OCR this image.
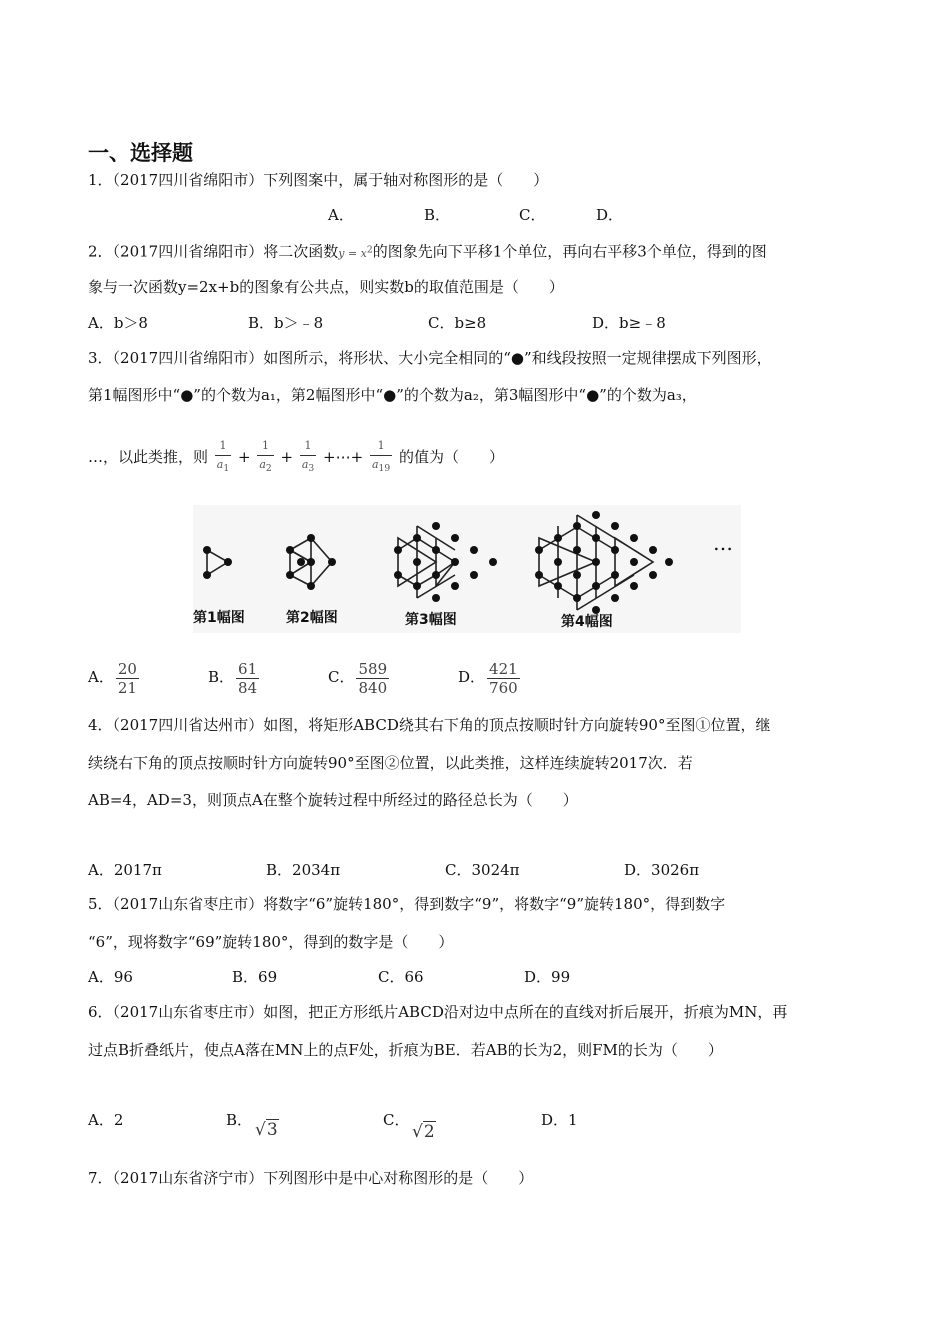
一、选择题
1．（2017四川省绵阳市）下列图案中，属于轴对称图形的是（　　）
A．	B．	C．	D．
2．（2017四川省绵阳市）将二次函数$y = x^2$的图象先向下平移1个单位，再向右平移3个单位，得到的图
象与一次函数y=2x+b的图象有公共点，则实数b的取值范围是（　　）
A．b＞8	B．b＞﹣8	C．b≥8	D．b≥﹣8
3．（2017四川省绵阳市）如图所示，将形状、大小完全相同的“●”和线段按照一定规律摆成下列图形，
第1幅图形中“●”的个数为a₁，第2幅图形中“●”的个数为a₂，第3幅图形中“●”的个数为a₃，
…，以此类推，则 $\frac{1}{a_1} + \frac{1}{a_2} + \frac{1}{a_3}$ +⋯+ $\frac{1}{a_{19}}$ 的值为（　　）
第1幅图	第2幅图	第3幅图	第4幅图
…
A． $\frac{20}{21}$	B． $\frac{61}{84}$	C． $\frac{589}{840}$	D． $\frac{421}{760}$
4．（2017四川省达州市）如图，将矩形ABCD绕其右下角的顶点按顺时针方向旋转90°至图①位置，继
续绕右下角的顶点按顺时针方向旋转90°至图②位置，以此类推，这样连续旋转2017次．若
AB=4，AD=3，则顶点A在整个旋转过程中所经过的路径总长为（　　）
A．2017π	B．2034π	C．3024π	D．3026π
5．（2017山东省枣庄市）将数字“6”旋转180°，得到数字“9”，将数字“9”旋转180°，得到数字
“6”，现将数字“69”旋转180°，得到的数字是（　　）
A．96	B．69	C．66	D．99
6．（2017山东省枣庄市）如图，把正方形纸片ABCD沿对边中点所在的直线对折后展开，折痕为MN，再
过点B折叠纸片，使点A落在MN上的点F处，折痕为BE．若AB的长为2，则FM的长为（　　）
A．2	B． √3	C．
√2
D．1
7．（2017山东省济宁市）下列图形中是中心对称图形的是（　　）
